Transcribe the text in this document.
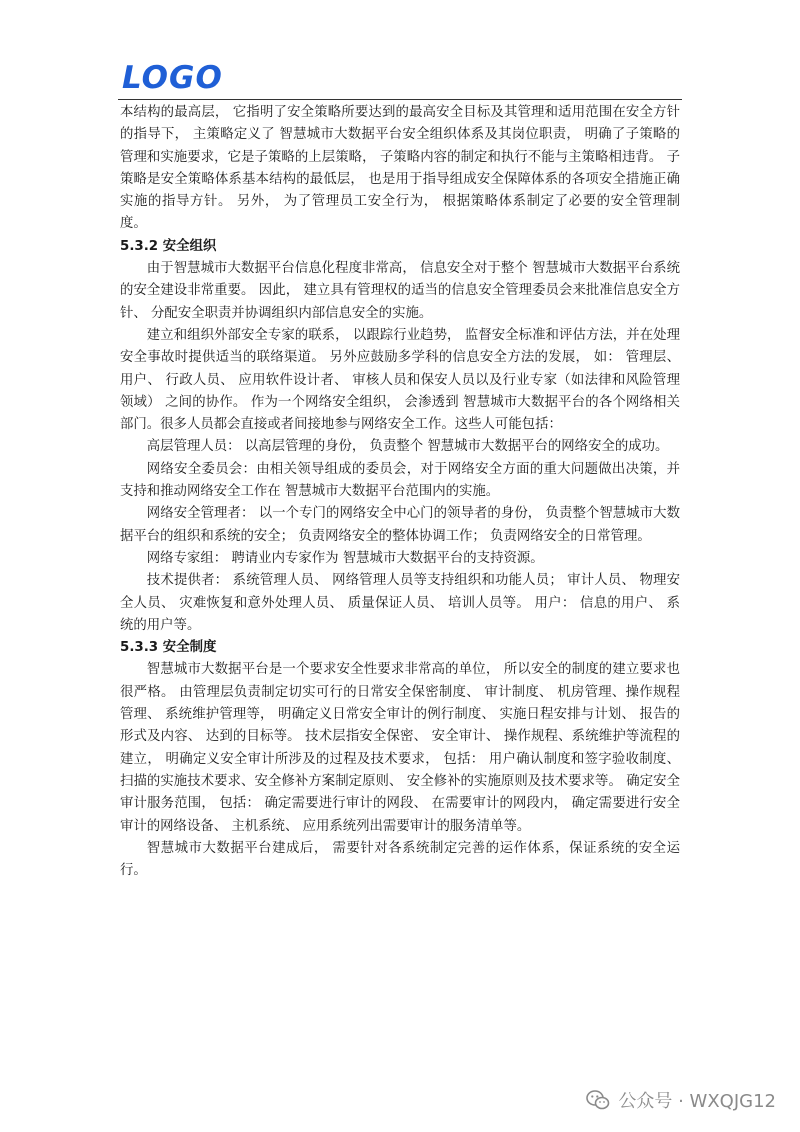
LOGO

本结构的最高层， 它指明了安全策略所要达到的最高安全目标及其管理和适用范围在安全方针的指导下， 主策略定义了 智慧城市大数据平台安全组织体系及其岗位职责， 明确了子策略的管理和实施要求，它是子策略的上层策略， 子策略内容的制定和执行不能与主策略相违背。 子策略是安全策略体系基本结构的最低层， 也是用于指导组成安全保障体系的各项安全措施正确实施的指导方针。 另外， 为了管理员工安全行为， 根据策略体系制定了必要的安全管理制度。

5.3.2 安全组织

由于智慧城市大数据平台信息化程度非常高， 信息安全对于整个 智慧城市大数据平台系统的安全建设非常重要。 因此， 建立具有管理权的适当的信息安全管理委员会来批准信息安全方针、 分配安全职责并协调组织内部信息安全的实施。

建立和组织外部安全专家的联系， 以跟踪行业趋势， 监督安全标准和评估方法，并在处理安全事故时提供适当的联络渠道。 另外应鼓励多学科的信息安全方法的发展， 如： 管理层、 用户、 行政人员、 应用软件设计者、 审核人员和保安人员以及行业专家（如法律和风险管理领域） 之间的协作。 作为一个网络安全组织， 会渗透到 智慧城市大数据平台的各个网络相关部门。很多人员都会直接或者间接地参与网络安全工作。这些人可能包括：

高层管理人员： 以高层管理的身份， 负责整个 智慧城市大数据平台的网络安全的成功。

网络安全委员会：由相关领导组成的委员会，对于网络安全方面的重大问题做出决策，并支持和推动网络安全工作在 智慧城市大数据平台范围内的实施。

网络安全管理者： 以一个专门的网络安全中心门的领导者的身份， 负责整个智慧城市大数据平台的组织和系统的安全； 负责网络安全的整体协调工作； 负责网络安全的日常管理。

网络专家组： 聘请业内专家作为 智慧城市大数据平台的支持资源。

技术提供者： 系统管理人员、 网络管理人员等支持组织和功能人员； 审计人员、 物理安全人员、 灾难恢复和意外处理人员、 质量保证人员、 培训人员等。 用户： 信息的用户、 系统的用户等。

5.3.3 安全制度

智慧城市大数据平台是一个要求安全性要求非常高的单位， 所以安全的制度的建立要求也很严格。 由管理层负责制定切实可行的日常安全保密制度、 审计制度、 机房管理、操作规程管理、 系统维护管理等， 明确定义日常安全审计的例行制度、 实施日程安排与计划、 报告的形式及内容、 达到的目标等。 技术层指安全保密、 安全审计、 操作规程、系统维护等流程的建立， 明确定义安全审计所涉及的过程及技术要求， 包括： 用户确认制度和签字验收制度、扫描的实施技术要求、安全修补方案制定原则、 安全修补的实施原则及技术要求等。 确定安全审计服务范围， 包括： 确定需要进行审计的网段、 在需要审计的网段内， 确定需要进行安全审计的网络设备、 主机系统、 应用系统列出需要审计的服务清单等。

智慧城市大数据平台建成后， 需要针对各系统制定完善的运作体系，保证系统的安全运行。

公众号 · WXQJG12
